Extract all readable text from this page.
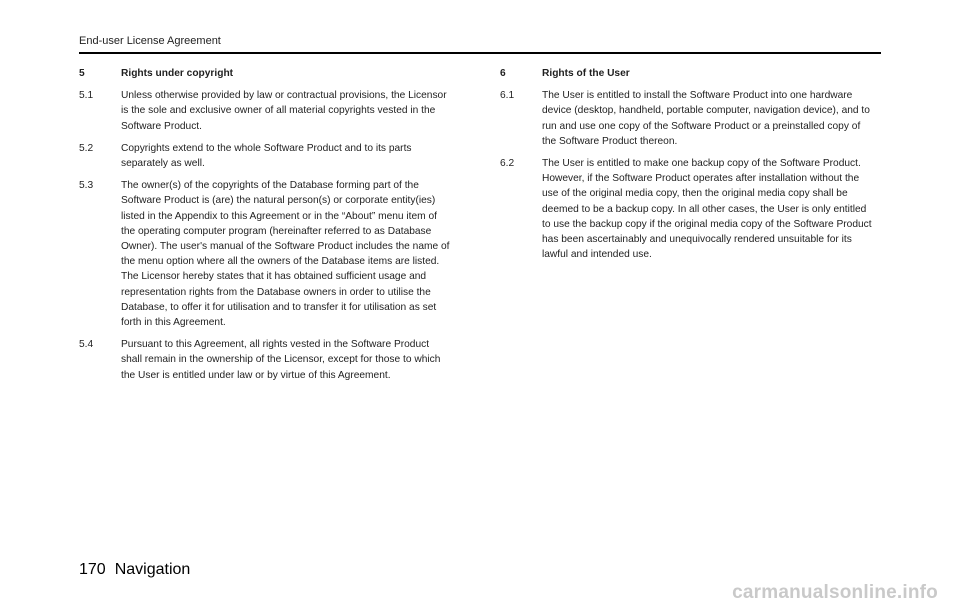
End-user License Agreement
5	Rights under copyright
5.1	Unless otherwise provided by law or contractual provisions, the Licensor is the sole and exclusive owner of all material copyrights vested in the Software Product.
5.2	Copyrights extend to the whole Software Product and to its parts separately as well.
5.3	The owner(s) of the copyrights of the Database forming part of the Software Product is (are) the natural person(s) or corporate entity(ies) listed in the Appendix to this Agreement or in the “About” menu item of the operating computer program (hereinafter referred to as Database Owner). The user's manual of the Software Product includes the name of the menu option where all the owners of the Database items are listed. The Licensor hereby states that it has obtained sufficient usage and representation rights from the Database owners in order to utilise the Database, to offer it for utilisation and to transfer it for utilisation as set forth in this Agreement.
5.4	Pursuant to this Agreement, all rights vested in the Software Product shall remain in the ownership of the Licensor, except for those to which the User is entitled under law or by virtue of this Agreement.
6	Rights of the User
6.1	The User is entitled to install the Software Product into one hardware device (desktop, handheld, portable computer, navigation device), and to run and use one copy of the Software Product or a preinstalled copy of the Software Product thereon.
6.2	The User is entitled to make one backup copy of the Software Product. However, if the Software Product operates after installation without the use of the original media copy, then the original media copy shall be deemed to be a backup copy. In all other cases, the User is only entitled to use the backup copy if the original media copy of the Software Product has been ascertainably and unequivocally rendered unsuitable for its lawful and intended use.
170 Navigation
carmanualsonline.info
